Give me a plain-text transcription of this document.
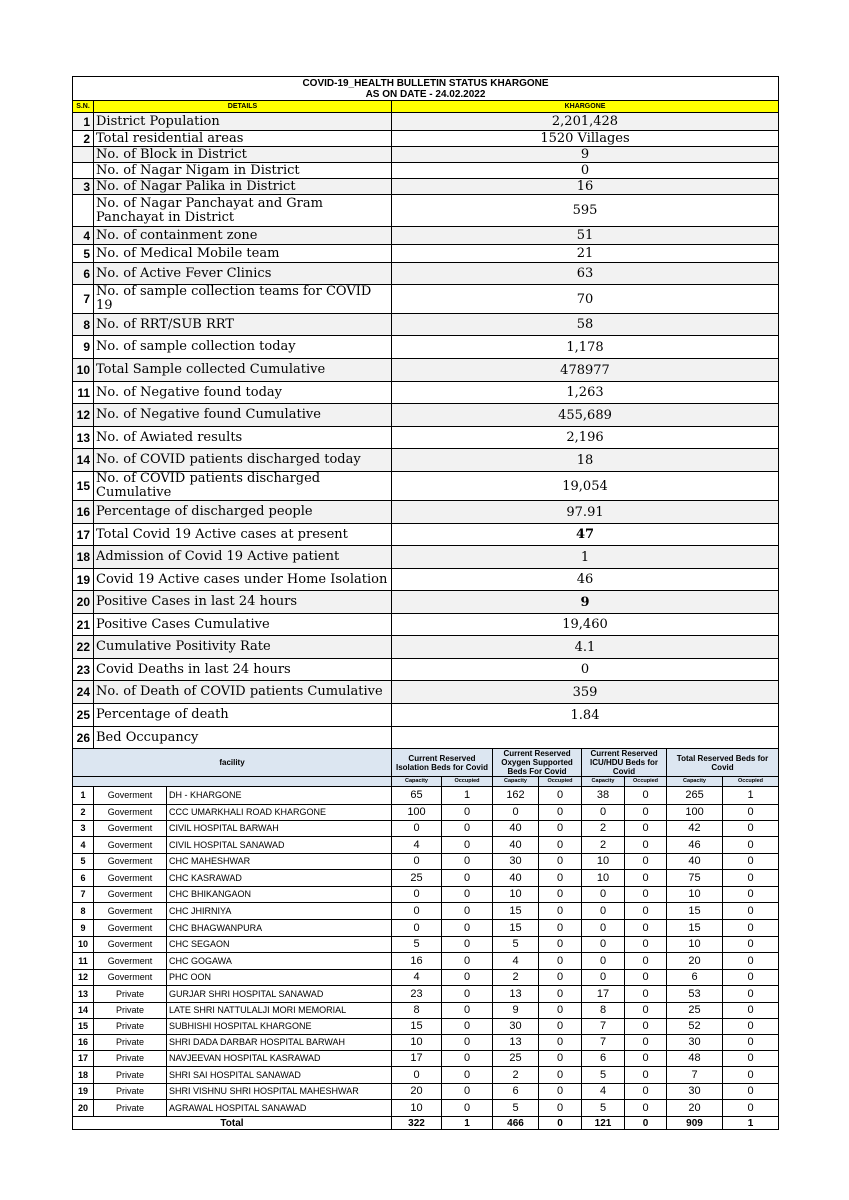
COVID-19_HEALTH BULLETIN STATUS KHARGONE
AS ON DATE - 24.02.2022		

S.N.	DETAILS	KHARGONE
1	District Population	2,201,428
2	Total residential areas	1520 Villages
	No. of Block in District	9
	No. of Nagar Nigam in District	0
3	No. of Nagar Palika in District	16
	No. of Nagar Panchayat and Gram Panchayat in District	595
4	No. of containment zone	51
5	No. of Medical Mobile team	21
6	No. of Active Fever Clinics	63
7	No. of sample collection teams for COVID 19	70
8	No. of RRT/SUB RRT	58
9	No. of sample collection today	1,178
10	Total Sample collected Cumulative	478977
11	No. of Negative found today	1,263
12	No. of Negative found Cumulative	455,689
13	No. of Awiated results	2,196
14	No. of COVID patients discharged today	18
15	No. of COVID patients discharged Cumulative	19,054
16	Percentage of discharged people	97.91
17	Total Covid 19 Active cases at present	47
18	Admission of Covid 19 Active patient	1
19	Covid 19 Active cases under Home Isolation	46
20	Positive Cases in last 24 hours	9
21	Positive Cases Cumulative	19,460
22	Cumulative Positivity Rate	4.1
23	Covid Deaths in last 24 hours	0
24	No. of Death of COVID patients Cumulative	359
25	Percentage of death	1.84
26	Bed Occupancy	
facility			Current Reserved Isolation Beds for Covid		Current Reserved Oxygen Supported Beds For Covid		Current Reserved ICU/HDU Beds for Covid		Total Reserved Beds for Covid	
			Capacity	Occupied	Capacity	Occupied	Capacity	Occupied	Capacity	Occupied
1	Goverment	DH - KHARGONE	65	1	162	0	38	0	265	1
2	Goverment	CCC UMARKHALI ROAD KHARGONE	100	0	0	0	0	0	100	0
3	Goverment	CIVIL HOSPITAL BARWAH	0	0	40	0	2	0	42	0
4	Goverment	CIVIL HOSPITAL SANAWAD	4	0	40	0	2	0	46	0
5	Goverment	CHC MAHESHWAR	0	0	30	0	10	0	40	0
6	Goverment	CHC KASRAWAD	25	0	40	0	10	0	75	0
7	Goverment	CHC BHIKANGAON	0	0	10	0	0	0	10	0
8	Goverment	CHC JHIRNIYA	0	0	15	0	0	0	15	0
9	Goverment	CHC BHAGWANPURA	0	0	15	0	0	0	15	0
10	Goverment	CHC SEGAON	5	0	5	0	0	0	10	0
11	Goverment	CHC GOGAWA	16	0	4	0	0	0	20	0
12	Goverment	PHC OON	4	0	2	0	0	0	6	0
13	Private	GURJAR SHRI HOSPITAL SANAWAD	23	0	13	0	17	0	53	0
14	Private	LATE SHRI NATTULALJI MORI MEMORIAL	8	0	9	0	8	0	25	0
15	Private	SUBHISHI HOSPITAL KHARGONE	15	0	30	0	7	0	52	0
16	Private	SHRI DADA DARBAR HOSPITAL BARWAH	10	0	13	0	7	0	30	0
17	Private	NAVJEEVAN HOSPITAL KASRAWAD	17	0	25	0	6	0	48	0
18	Private	SHRI SAI HOSPITAL SANAWAD	0	0	2	0	5	0	7	0
19	Private	SHRI VISHNU SHRI HOSPITAL MAHESHWAR	20	0	6	0	4	0	30	0
20	Private	AGRAWAL HOSPITAL SANAWAD	10	0	5	0	5	0	20	0
Total			322	1	466	0	121	0	909	1
